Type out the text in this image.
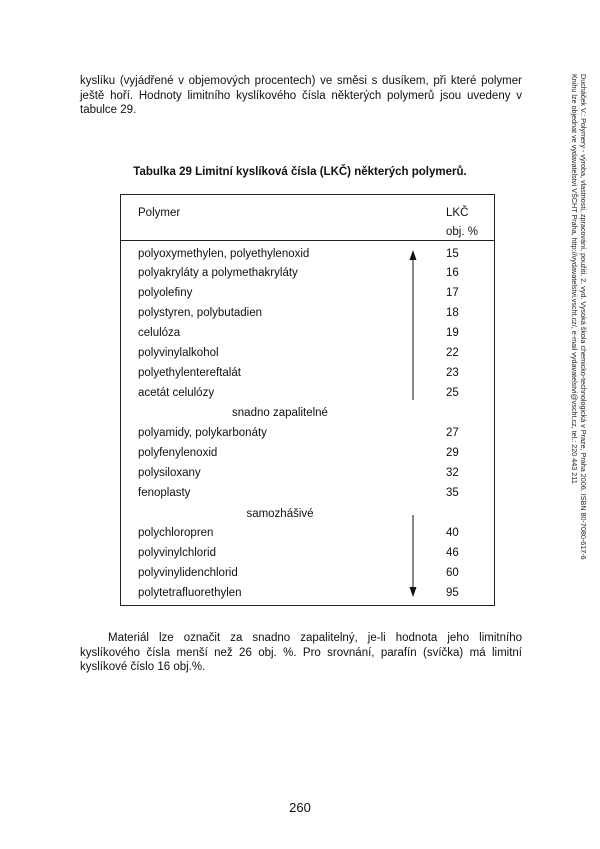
kyslíku (vyjádřené v objemových procentech) ve směsi s dusíkem, při které polymer ještě hoří. Hodnoty limitního kyslíkového čísla některých polymerů jsou uvedeny v tabulce 29.

Tabulka 29 Limitní kyslíková čísla (LKČ) některých polymerů.

Polymer	LKČ
obj. %
polyoxymethylen, polyethylenoxid	15
polyakryláty a polymethakryláty	16
polyolefiny	17
polystyren, polybutadien	18
celulóza	19
polyvinylalkohol	22
polyethylentereftalát	23
acetát celulózy	25
snadno zapalitelné
polyamidy, polykarbonáty	27
polyfenylenoxid	29
polysiloxany	32
fenoplasty	35
samozhášivé
polychloropren	40
polyvinylchlorid	46
polyvinylidenchlorid	60
polytetrafluorethylen	95

Materiál lze označit za snadno zapalitelný, je-li hodnota jeho limitního kyslíkového čísla menší než 26 obj. %. Pro srovnání, parafín (svíčka) má limitní kyslíkové číslo 16 obj.%.

260
Ducháček V.: Polymery - výroba, vlastnosti, zpracování, použití. 2. vyd. Vysoká škola chemicko-technologická v Praze, Praha 2006. ISBN 80-7080-617-6
Knihu lze objednat ve vydavatelství VŠCHT Praha, http://vydavatelstvi.vscht.cz/, e-mail vydavatelstvi@vscht.cz, tel.: 220 443 211
